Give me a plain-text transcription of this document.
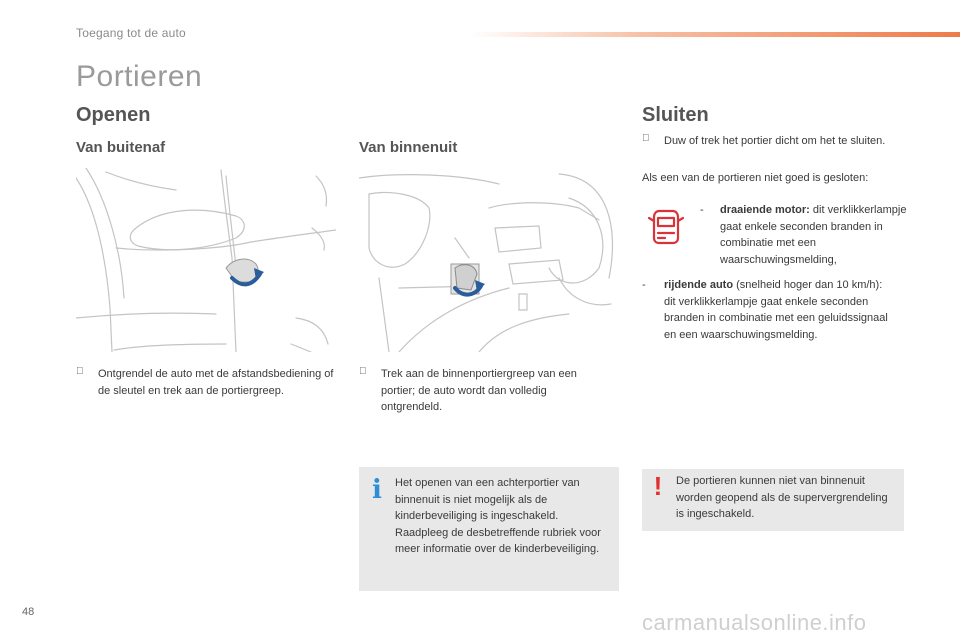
Toegang tot de auto
Portieren
Openen	Sluiten
Van buitenaf	Van binnenuit
Ontgrendel de auto met de afstandsbediening of de sleutel en trek aan de portiergreep.
Trek aan de binnenportiergreep van een portier; de auto wordt dan volledig ontgrendeld.
Duw of trek het portier dicht om het te sluiten.
Als een van de portieren niet goed is gesloten:
-	draaiende motor: dit verklikkerlampje gaat enkele seconden branden in combinatie met een waarschuwingsmelding,
-	rijdende auto (snelheid hoger dan 10 km/h): dit verklikkerlampje gaat enkele seconden branden in combinatie met een geluidssignaal en een waarschuwingsmelding.
i	Het openen van een achterportier van binnenuit is niet mogelijk als de kinderbeveiliging is ingeschakeld. Raadpleeg de desbetreffende rubriek voor meer informatie over de kinderbeveiliging.
!	De portieren kunnen niet van binnenuit worden geopend als de supervergrendeling is ingeschakeld.
48	carmanualsonline.info
